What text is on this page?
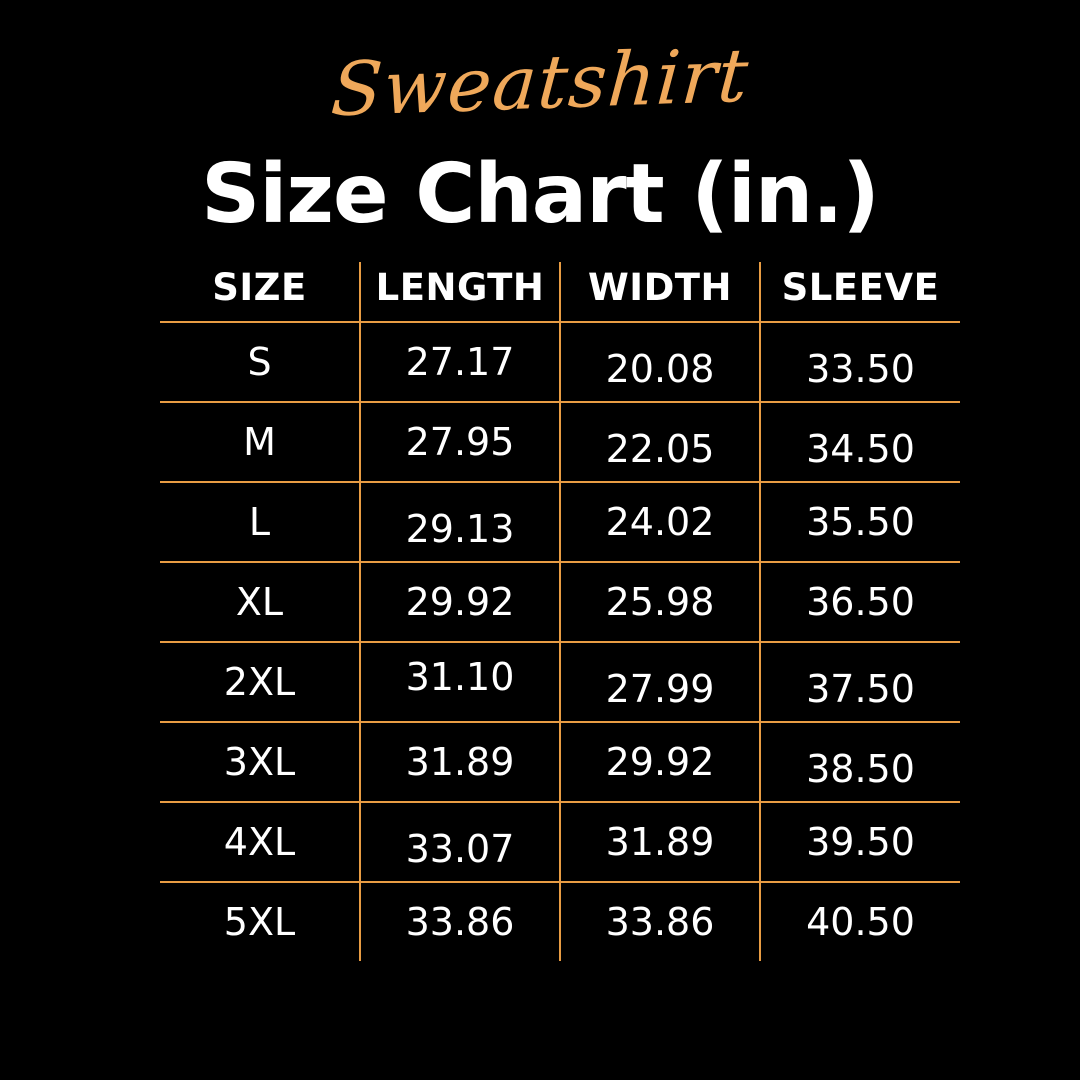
Sweatshirt
Size Chart (in.)
SIZE	LENGTH	WIDTH	SLEEVE
S	27.17	20.08	33.50
M	27.95	22.05	34.50
L	29.13	24.02	35.50
XL	29.92	25.98	36.50
2XL	31.10	27.99	37.50
3XL	31.89	29.92	38.50
4XL	33.07	31.89	39.50
5XL	33.86	33.86	40.50
